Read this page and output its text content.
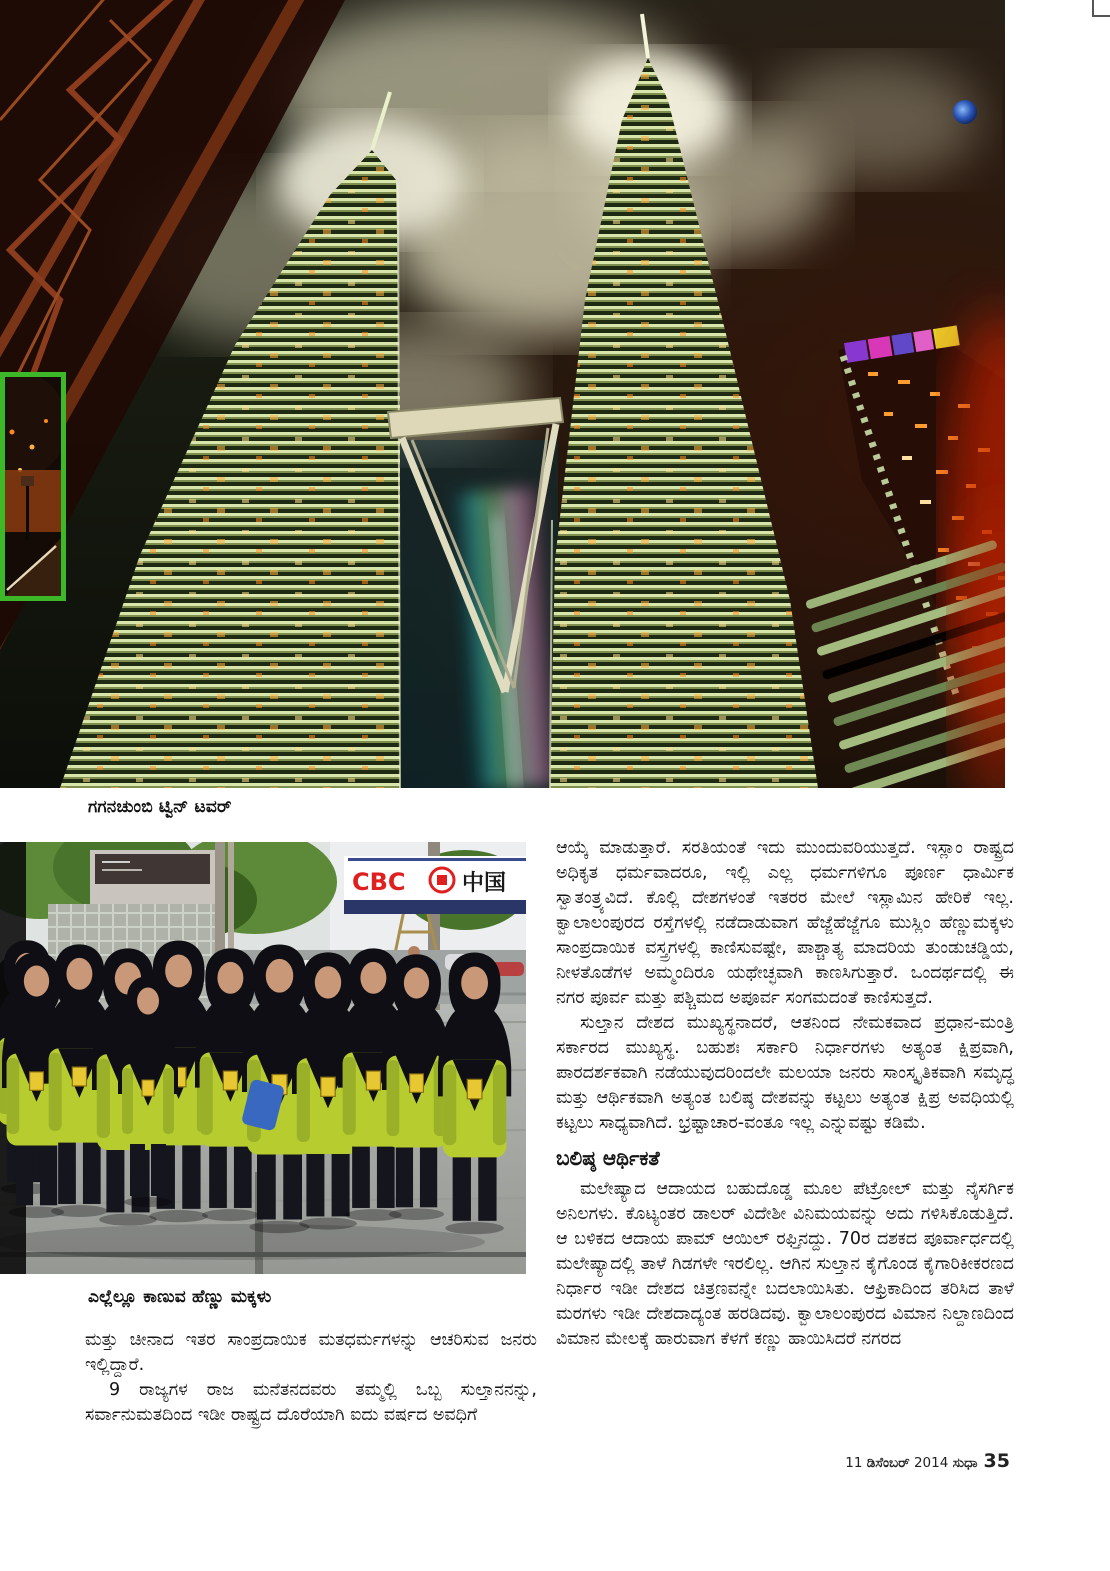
ಗಗನಚುಂಬಿ ಟ್ವಿನ್ ಟವರ್
CBC	中国
ಎಲ್ಲೆಲ್ಲೂ ಕಾಣುವ ಹೆಣ್ಣು ಮಕ್ಕಳು

ಮತ್ತು ಚೀನಾದ ಇತರ ಸಾಂಪ್ರದಾಯಿಕ ಮತಧರ್ಮಗಳನ್ನು ಆಚರಿಸುವ ಜನರು ಇಲ್ಲಿದ್ದಾರೆ.

9 ರಾಜ್ಯಗಳ ರಾಜ ಮನೆತನದವರು ತಮ್ಮಲ್ಲಿ ಒಬ್ಬ ಸುಲ್ತಾನನನ್ನು, ಸರ್ವಾನುಮತದಿಂದ ಇಡೀ ರಾಷ್ಟ್ರದ ದೊರೆಯಾಗಿ ಐದು ವರ್ಷದ ಅವಧಿಗೆ

ಆಯ್ಕೆ ಮಾಡುತ್ತಾರೆ. ಸರತಿಯಂತೆ ಇದು ಮುಂದುವರಿಯುತ್ತದೆ. ಇಸ್ಲಾಂ ರಾಷ್ಟ್ರದ ಅಧಿಕೃತ ಧರ್ಮವಾದರೂ, ಇಲ್ಲಿ ಎಲ್ಲ ಧರ್ಮಗಳಿಗೂ ಪೂರ್ಣ ಧಾರ್ಮಿಕ ಸ್ವಾತಂತ್ರ್ಯವಿದೆ. ಕೊಲ್ಲಿ ದೇಶಗಳಂತೆ ಇತರರ ಮೇಲೆ ಇಸ್ಲಾಮಿನ ಹೇರಿಕೆ ಇಲ್ಲ. ಕ್ವಾಲಾಲಂಪುರದ ರಸ್ತೆಗಳಲ್ಲಿ ನಡೆದಾಡುವಾಗ ಹೆಜ್ಜೆಹೆಜ್ಜೆಗೂ ಮುಸ್ಲಿಂ ಹೆಣ್ಣುಮಕ್ಕಳು ಸಾಂಪ್ರದಾಯಿಕ ವಸ್ತ್ರಗಳಲ್ಲಿ ಕಾಣಿಸುವಷ್ಟೇ, ಪಾಶ್ಚಾತ್ಯ ಮಾದರಿಯ ತುಂಡುಚಡ್ಡಿಯ, ನೀಳತೊಡೆಗಳ ಅಮ್ಮಂದಿರೂ ಯಥೇಚ್ಛವಾಗಿ ಕಾಣಸಿಗುತ್ತಾರೆ. ಒಂದರ್ಥದಲ್ಲಿ ಈ ನಗರ ಪೂರ್ವ ಮತ್ತು ಪಶ್ಚಿಮದ ಅಪೂರ್ವ ಸಂಗಮದಂತೆ ಕಾಣಿಸುತ್ತದೆ.

ಸುಲ್ತಾನ ದೇಶದ ಮುಖ್ಯಸ್ಥನಾದರೆ, ಆತನಿಂದ ನೇಮಕವಾದ ಪ್ರಧಾನ-ಮಂತ್ರಿ ಸರ್ಕಾರದ ಮುಖ್ಯಸ್ಥ. ಬಹುಶಃ ಸರ್ಕಾರಿ ನಿರ್ಧಾರಗಳು ಅತ್ಯಂತ ಕ್ಷಿಪ್ರವಾಗಿ, ಪಾರದರ್ಶಕವಾಗಿ ನಡೆಯುವುದರಿಂದಲೇ ಮಲಯಾ ಜನರು ಸಾಂಸ್ಕೃತಿಕವಾಗಿ ಸಮೃದ್ಧ ಮತ್ತು ಆರ್ಥಿಕವಾಗಿ ಅತ್ಯಂತ ಬಲಿಷ್ಠ ದೇಶವನ್ನು ಕಟ್ಟಲು ಅತ್ಯಂತ ಕ್ಷಿಪ್ರ ಅವಧಿಯಲ್ಲಿ ಕಟ್ಟಲು ಸಾಧ್ಯವಾಗಿದೆ. ಭ್ರಷ್ಟಾಚಾರ-ವಂತೂ ಇಲ್ಲ ಎನ್ನುವಷ್ಟು ಕಡಿಮೆ.

ಬಲಿಷ್ಠ ಆರ್ಥಿಕತೆ

ಮಲೇಷ್ಯಾದ ಆದಾಯದ ಬಹುದೊಡ್ಡ ಮೂಲ ಪೆಟ್ರೋಲ್ ಮತ್ತು ನೈಸರ್ಗಿಕ ಅನಿಲಗಳು. ಕೊಟ್ಯಂತರ ಡಾಲರ್ ವಿದೇಶೀ ವಿನಿಮಯವನ್ನು ಅದು ಗಳಿಸಿಕೊಡುತ್ತಿದೆ. ಆ ಬಳಿಕದ ಆದಾಯ ಪಾಮ್ ಆಯಿಲ್ ರಫ್ತಿನದ್ದು. 70ರ ದಶಕದ ಪೂರ್ವಾರ್ಧದಲ್ಲಿ ಮಲೇಷ್ಯಾದಲ್ಲಿ ತಾಳೆ ಗಿಡಗಳೇ ಇರಲಿಲ್ಲ. ಆಗಿನ ಸುಲ್ತಾನ ಕೈಗೊಂಡ ಕೈಗಾರಿಕೀಕರಣದ ನಿರ್ಧಾರ ಇಡೀ ದೇಶದ ಚಿತ್ರಣವನ್ನೇ ಬದಲಾಯಿಸಿತು. ಆಫ್ರಿಕಾದಿಂದ ತರಿಸಿದ ತಾಳೆ ಮರಗಳು ಇಡೀ ದೇಶದಾದ್ಯಂತ ಹರಡಿದವು. ಕ್ವಾಲಾಲಂಪುರದ ವಿಮಾನ ನಿಲ್ದಾಣದಿಂದ ವಿಮಾನ ಮೇಲಕ್ಕೆ ಹಾರುವಾಗ ಕೆಳಗೆ ಕಣ್ಣು ಹಾಯಿಸಿದರೆ ನಗರದ

11 ಡಿಸೆಂಬರ್ 2014 ಸುಧಾ 35
